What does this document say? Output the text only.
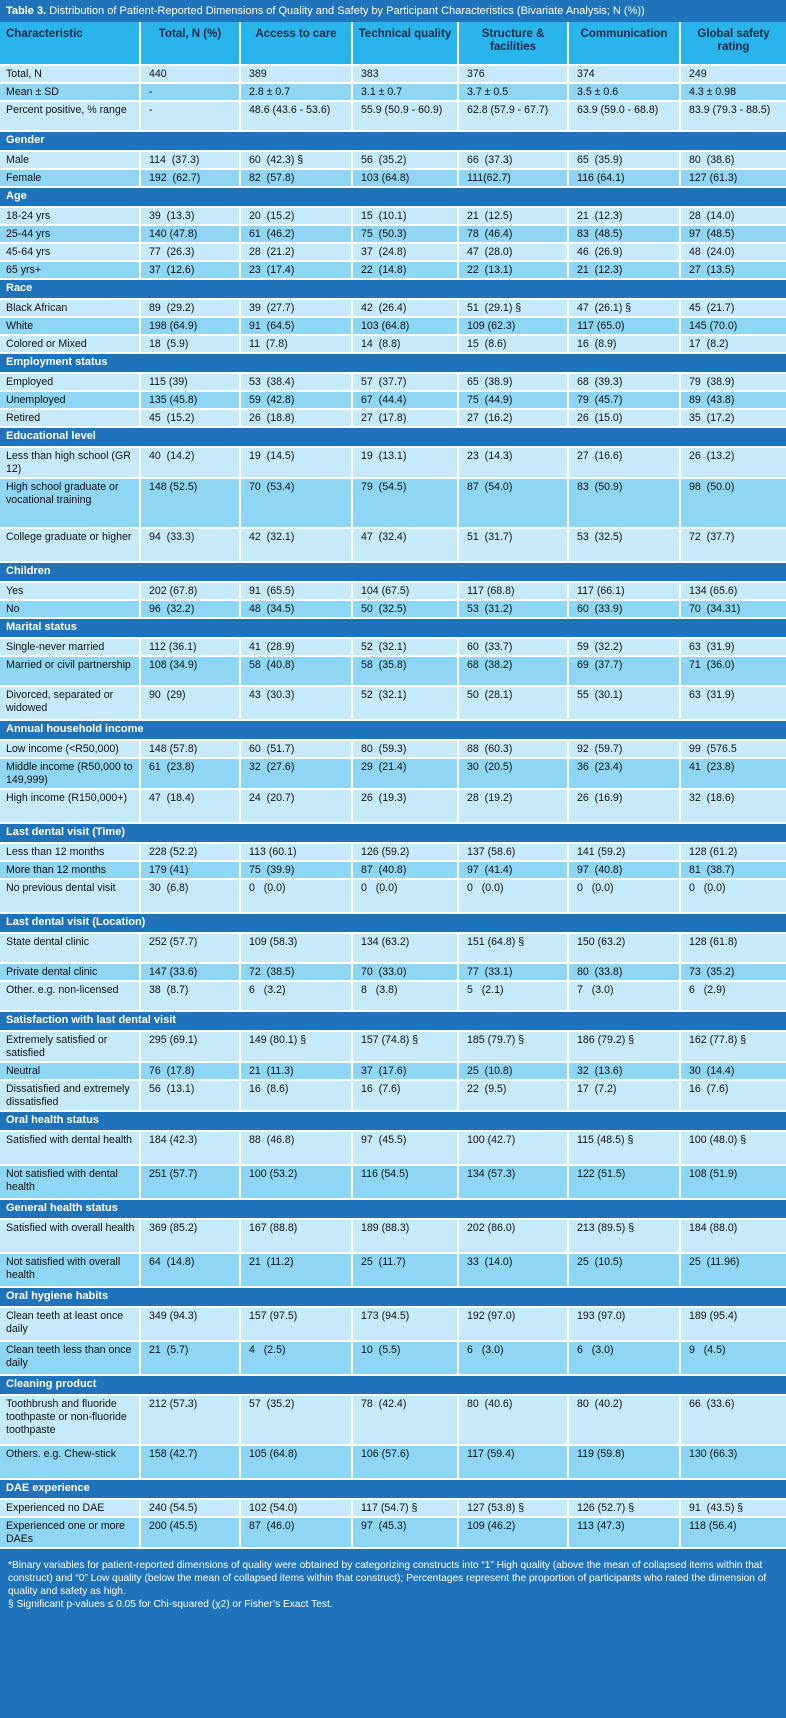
Table 3. Distribution of Patient-Reported Dimensions of Quality and Safety by Participant Characteristics (Bivariate Analysis; N (%))
Characteristic	Total, N (%)	Access to care	Technical quality	Structure & facilities	Communication	Global safety rating
Total, N	440	389	383	376	374	249
Mean ± SD	-	2.8 ± 0.7	3.1 ± 0.7	3.7 ± 0.5	3.5 ± 0.6	4.3 ± 0.98
Percent positive, % range	-	48.6 (43.6 - 53.6)	55.9 (50.9 - 60.9)	62.8 (57.9 - 67.7)	63.9 (59.0 - 68.8)	83.9 (79.3 - 88.5)
Gender						
Male	114  (37.3)	60  (42.3) §	56  (35.2)	66  (37.3)	65  (35.9)	80  (38.6)
Female	192  (62.7)	82  (57.8)	103 (64.8)	111(62.7)	116 (64.1)	127 (61.3)
Age						
18-24 yrs	39  (13.3)	20  (15.2)	15  (10.1)	21  (12.5)	21  (12.3)	28  (14.0)
25-44 yrs	140 (47.8)	61  (46.2)	75  (50.3)	78  (46.4)	83  (48.5)	97  (48.5)
45-64 yrs	77  (26.3)	28  (21.2)	37  (24.8)	47  (28.0)	46  (26.9)	48  (24.0)
65 yrs+	37  (12.6)	23  (17.4)	22  (14.8)	22  (13.1)	21  (12.3)	27  (13.5)
Race						
Black African	89  (29.2)	39  (27.7)	42  (26.4)	51  (29.1) §	47  (26.1) §	45  (21.7)
White	198 (64.9)	91  (64.5)	103 (64.8)	109 (62.3)	117 (65.0)	145 (70.0)
Colored or Mixed	18  (5.9)	11  (7.8)	14  (8.8)	15  (8.6)	16  (8.9)	17  (8.2)
Employment status						
Employed	115 (39)	53  (38.4)	57  (37.7)	65  (38.9)	68  (39.3)	79  (38.9)
Unemployed	135 (45.8)	59  (42.8)	67  (44.4)	75  (44.9)	79  (45.7)	89  (43.8)
Retired	45  (15.2)	26  (18.8)	27  (17.8)	27  (16.2)	26  (15.0)	35  (17.2)
Educational level						
Less than high school (GR 12)	40  (14.2)	19  (14.5)	19  (13.1)	23  (14.3)	27  (16.6)	26  (13.2)
High school graduate or vocational training	148 (52.5)	70  (53.4)	79  (54.5)	87  (54.0)	83  (50.9)	98  (50.0)
College graduate or higher	94  (33.3)	42  (32.1)	47  (32.4)	51  (31.7)	53  (32.5)	72  (37.7)
Children						
Yes	202 (67.8)	91  (65.5)	104 (67.5)	117 (68.8)	117 (66.1)	134 (65.6)
No	96  (32.2)	48  (34.5)	50  (32.5)	53  (31.2)	60  (33.9)	70  (34.31)
Marital status						
Single-never married	112 (36.1)	41  (28.9)	52  (32.1)	60  (33.7)	59  (32.2)	63  (31.9)
Married or civil partnership	108 (34.9)	58  (40.8)	58  (35.8)	68  (38.2)	69  (37.7)	71  (36.0)
Divorced, separated or widowed	90  (29)	43  (30.3)	52  (32.1)	50  (28.1)	55  (30.1)	63  (31.9)
Annual household income						
Low income (<R50,000)	148 (57.8)	60  (51.7)	80  (59.3)	88  (60.3)	92  (59.7)	99  (576.5
Middle income (R50,000 to 149,999)	61  (23.8)	32  (27.6)	29  (21.4)	30  (20.5)	36  (23.4)	41  (23.8)
High income (R150,000+)	47  (18.4)	24  (20.7)	26  (19.3)	28  (19.2)	26  (16.9)	32  (18.6)
Last dental visit (Time)						
Less than 12 months	228 (52.2)	113 (60.1)	126 (59.2)	137 (58.6)	141 (59.2)	128 (61.2)
More than 12 months	179 (41)	75  (39.9)	87  (40.8)	97  (41.4)	97  (40.8)	81  (38.7)
No previous dental visit	30  (6.8)	0   (0.0)	0   (0.0)	0   (0.0)	0   (0.0)	0   (0.0)
Last dental visit (Location)						
State dental clinic	252 (57.7)	109 (58.3)	134 (63.2)	151 (64.8) §	150 (63.2)	128 (61.8)
Private dental clinic	147 (33.6)	72  (38.5)	70  (33.0)	77  (33.1)	80  (33.8)	73  (35.2)
Other. e.g. non-licensed	38  (8.7)	6   (3.2)	8   (3.8)	5   (2.1)	7   (3.0)	6   (2.9)
Satisfaction with last dental visit						
Extremely satisfied or satisfied	295 (69.1)	149 (80.1) §	157 (74.8) §	185 (79.7) §	186 (79.2) §	162 (77.8) §
Neutral	76  (17.8)	21  (11.3)	37  (17.6)	25  (10.8)	32  (13.6)	30  (14.4)
Dissatisfied and extremely dissatisfied	56  (13.1)	16  (8.6)	16  (7.6)	22  (9.5)	17  (7.2)	16  (7.6)
Oral health status						
Satisfied with dental health	184 (42.3)	88  (46.8)	97  (45.5)	100 (42.7)	115 (48.5) §	100 (48.0) §
Not satisfied with dental health	251 (57.7)	100 (53.2)	116 (54.5)	134 (57.3)	122 (51.5)	108 (51.9)
General health status						
Satisfied with overall health	369 (85.2)	167 (88.8)	189 (88.3)	202 (86.0)	213 (89.5) §	184 (88.0)
Not satisfied with overall health	64  (14.8)	21  (11.2)	25  (11.7)	33  (14.0)	25  (10.5)	25  (11.96)
Oral hygiene habits						
Clean teeth at least once daily	349 (94.3)	157 (97.5)	173 (94.5)	192 (97.0)	193 (97.0)	189 (95.4)
Clean teeth less than once daily	21  (5.7)	4   (2.5)	10  (5.5)	6   (3.0)	6   (3.0)	9   (4.5)
Cleaning product						
Toothbrush and fluoride toothpaste or non-fluoride toothpaste	212 (57.3)	57  (35.2)	78  (42.4)	80  (40.6)	80  (40.2)	66  (33.6)
Others. e.g. Chew-stick	158 (42.7)	105 (64.8)	106 (57.6)	117 (59.4)	119 (59.8)	130 (66.3)
DAE experience						
Experienced no DAE	240 (54.5)	102 (54.0)	117 (54.7) §	127 (53.8) §	126 (52.7) §	91  (43.5) §
Experienced one or more DAEs	200 (45.5)	87  (46.0)	97  (45.3)	109 (46.2)	113 (47.3)	118 (56.4)

*Binary variables for patient-reported dimensions of quality were obtained by categorizing constructs into “1” High quality (above the mean of collapsed items within that construct) and “0” Low quality (below the mean of collapsed items within that construct); Percentages represent the proportion of participants who rated the dimension of quality and safety as high.

§ Significant p-values ≤ 0.05 for Chi-squared (χ2) or Fisher’s Exact Test.
